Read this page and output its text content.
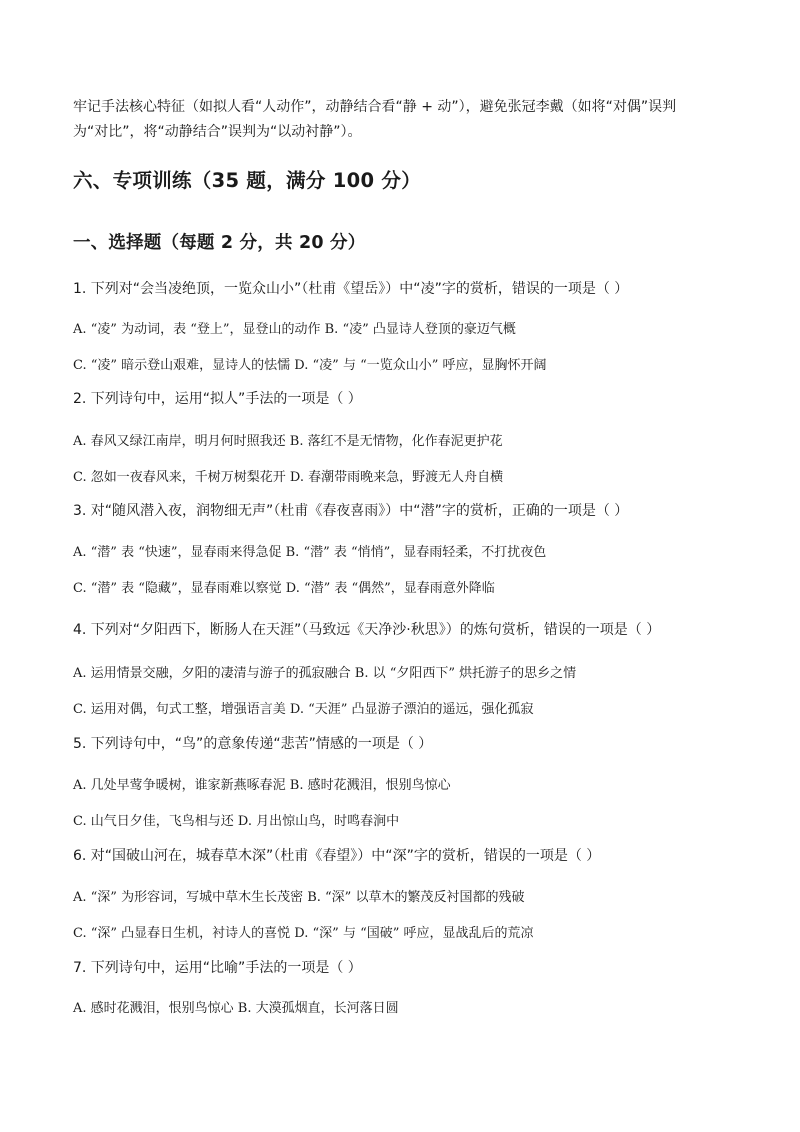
牢记手法核心特征（如拟人看“人动作”，动静结合看“静 + 动”），避免张冠李戴（如将“对偶”误判
为“对比”，将“动静结合”误判为“以动衬静”）。
六、专项训练（35 题，满分 100 分）
一、选择题（每题 2 分，共 20 分）
1. 下列对“会当凌绝顶，一览众山小”（杜甫《望岳》）中“凌”字的赏析，错误的一项是（ ）
A. “凌” 为动词，表 “登上”，显登山的动作 B. “凌” 凸显诗人登顶的豪迈气概
C. “凌” 暗示登山艰难，显诗人的怯懦 D. “凌” 与 “一览众山小” 呼应，显胸怀开阔
2. 下列诗句中，运用“拟人”手法的一项是（ ）
A. 春风又绿江南岸，明月何时照我还 B. 落红不是无情物，化作春泥更护花
C. 忽如一夜春风来，千树万树梨花开 D. 春潮带雨晚来急，野渡无人舟自横
3. 对“随风潜入夜，润物细无声”（杜甫《春夜喜雨》）中“潜”字的赏析，正确的一项是（ ）
A. “潜” 表 “快速”，显春雨来得急促 B. “潜” 表 “悄悄”，显春雨轻柔，不打扰夜色
C. “潜” 表 “隐藏”，显春雨难以察觉 D. “潜” 表 “偶然”，显春雨意外降临
4. 下列对“夕阳西下，断肠人在天涯”（马致远《天净沙·秋思》）的炼句赏析，错误的一项是（ ）
A. 运用情景交融，夕阳的凄清与游子的孤寂融合 B. 以 “夕阳西下” 烘托游子的思乡之情
C. 运用对偶，句式工整，增强语言美 D. “天涯” 凸显游子漂泊的遥远，强化孤寂
5. 下列诗句中，“鸟”的意象传递“悲苦”情感的一项是（ ）
A. 几处早莺争暖树，谁家新燕啄春泥 B. 感时花溅泪，恨别鸟惊心
C. 山气日夕佳，飞鸟相与还 D. 月出惊山鸟，时鸣春涧中
6. 对“国破山河在，城春草木深”（杜甫《春望》）中“深”字的赏析，错误的一项是（ ）
A. “深” 为形容词，写城中草木生长茂密 B. “深” 以草木的繁茂反衬国都的残破
C. “深” 凸显春日生机，衬诗人的喜悦 D. “深” 与 “国破” 呼应，显战乱后的荒凉
7. 下列诗句中，运用“比喻”手法的一项是（ ）
A. 感时花溅泪，恨别鸟惊心 B. 大漠孤烟直，长河落日圆
